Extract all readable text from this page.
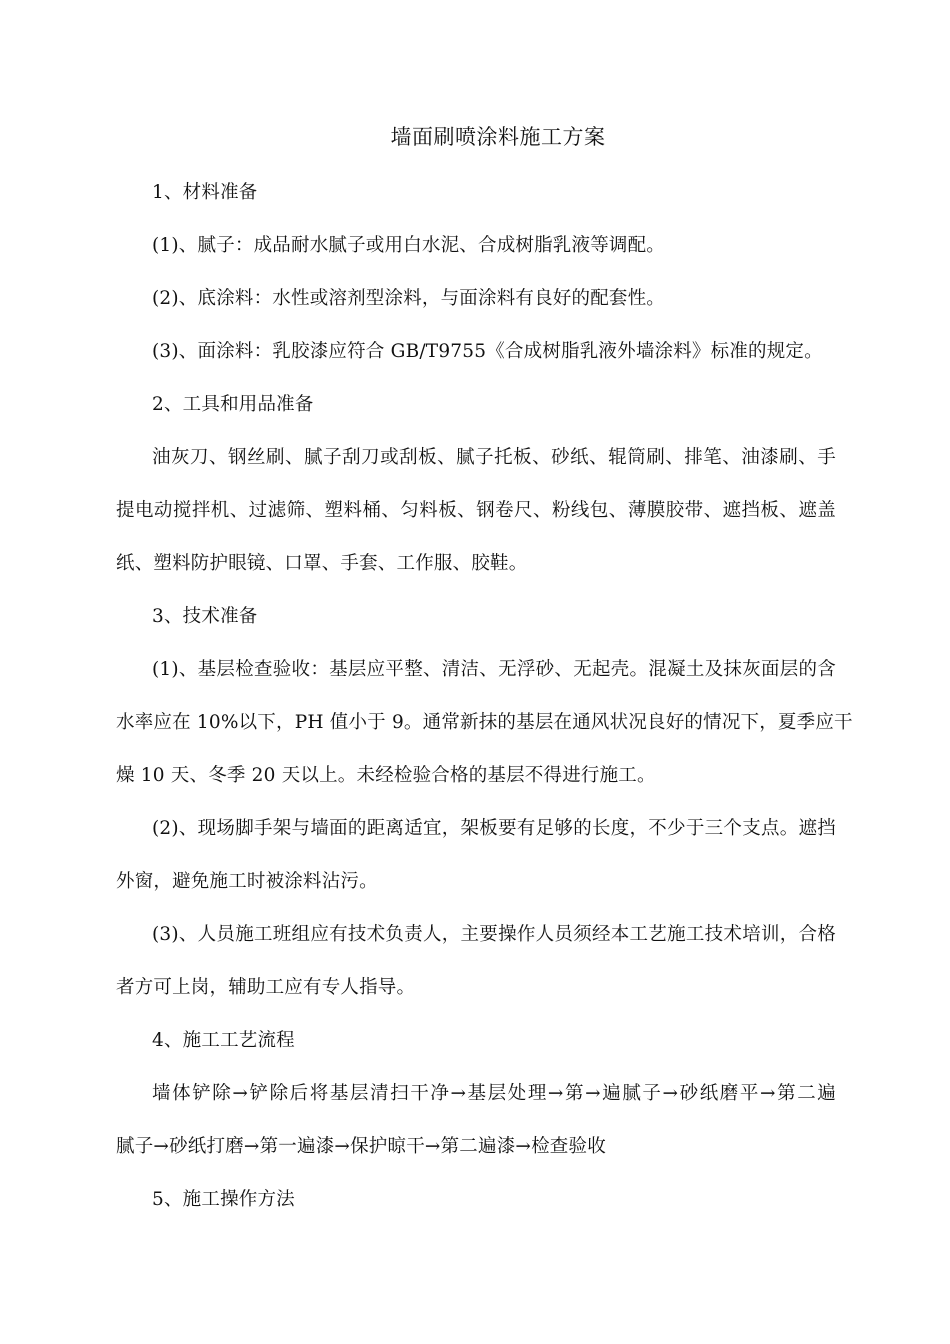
墙面刷喷涂料施工方案
1、材料准备
(1)、腻子：成品耐水腻子或用白水泥、合成树脂乳液等调配。
(2)、底涂料：水性或溶剂型涂料，与面涂料有良好的配套性。
(3)、面涂料：乳胶漆应符合 GB/T9755《合成树脂乳液外墙涂料》标准的规定。
2、工具和用品准备
油灰刀、钢丝刷、腻子刮刀或刮板、腻子托板、砂纸、辊筒刷、排笔、油漆刷、手
提电动搅拌机、过滤筛、塑料桶、匀料板、钢卷尺、粉线包、薄膜胶带、遮挡板、遮盖
纸、塑料防护眼镜、口罩、手套、工作服、胶鞋。
3、技术准备
(1)、基层检查验收：基层应平整、清洁、无浮砂、无起壳。混凝土及抹灰面层的含
水率应在 10%以下，PH 值小于 9。通常新抹的基层在通风状况良好的情况下，夏季应干
燥 10 天、冬季 20 天以上。未经检验合格的基层不得进行施工。
(2)、现场脚手架与墙面的距离适宜，架板要有足够的长度，不少于三个支点。遮挡
外窗，避免施工时被涂料沾污。
(3)、人员施工班组应有技术负责人，主要操作人员须经本工艺施工技术培训，合格
者方可上岗，辅助工应有专人指导。
4、施工工艺流程
墙体铲除→铲除后将基层清扫干净→基层处理→第→遍腻子→砂纸磨平→第二遍
腻子→砂纸打磨→第一遍漆→保护晾干→第二遍漆→检查验收
5、施工操作方法
